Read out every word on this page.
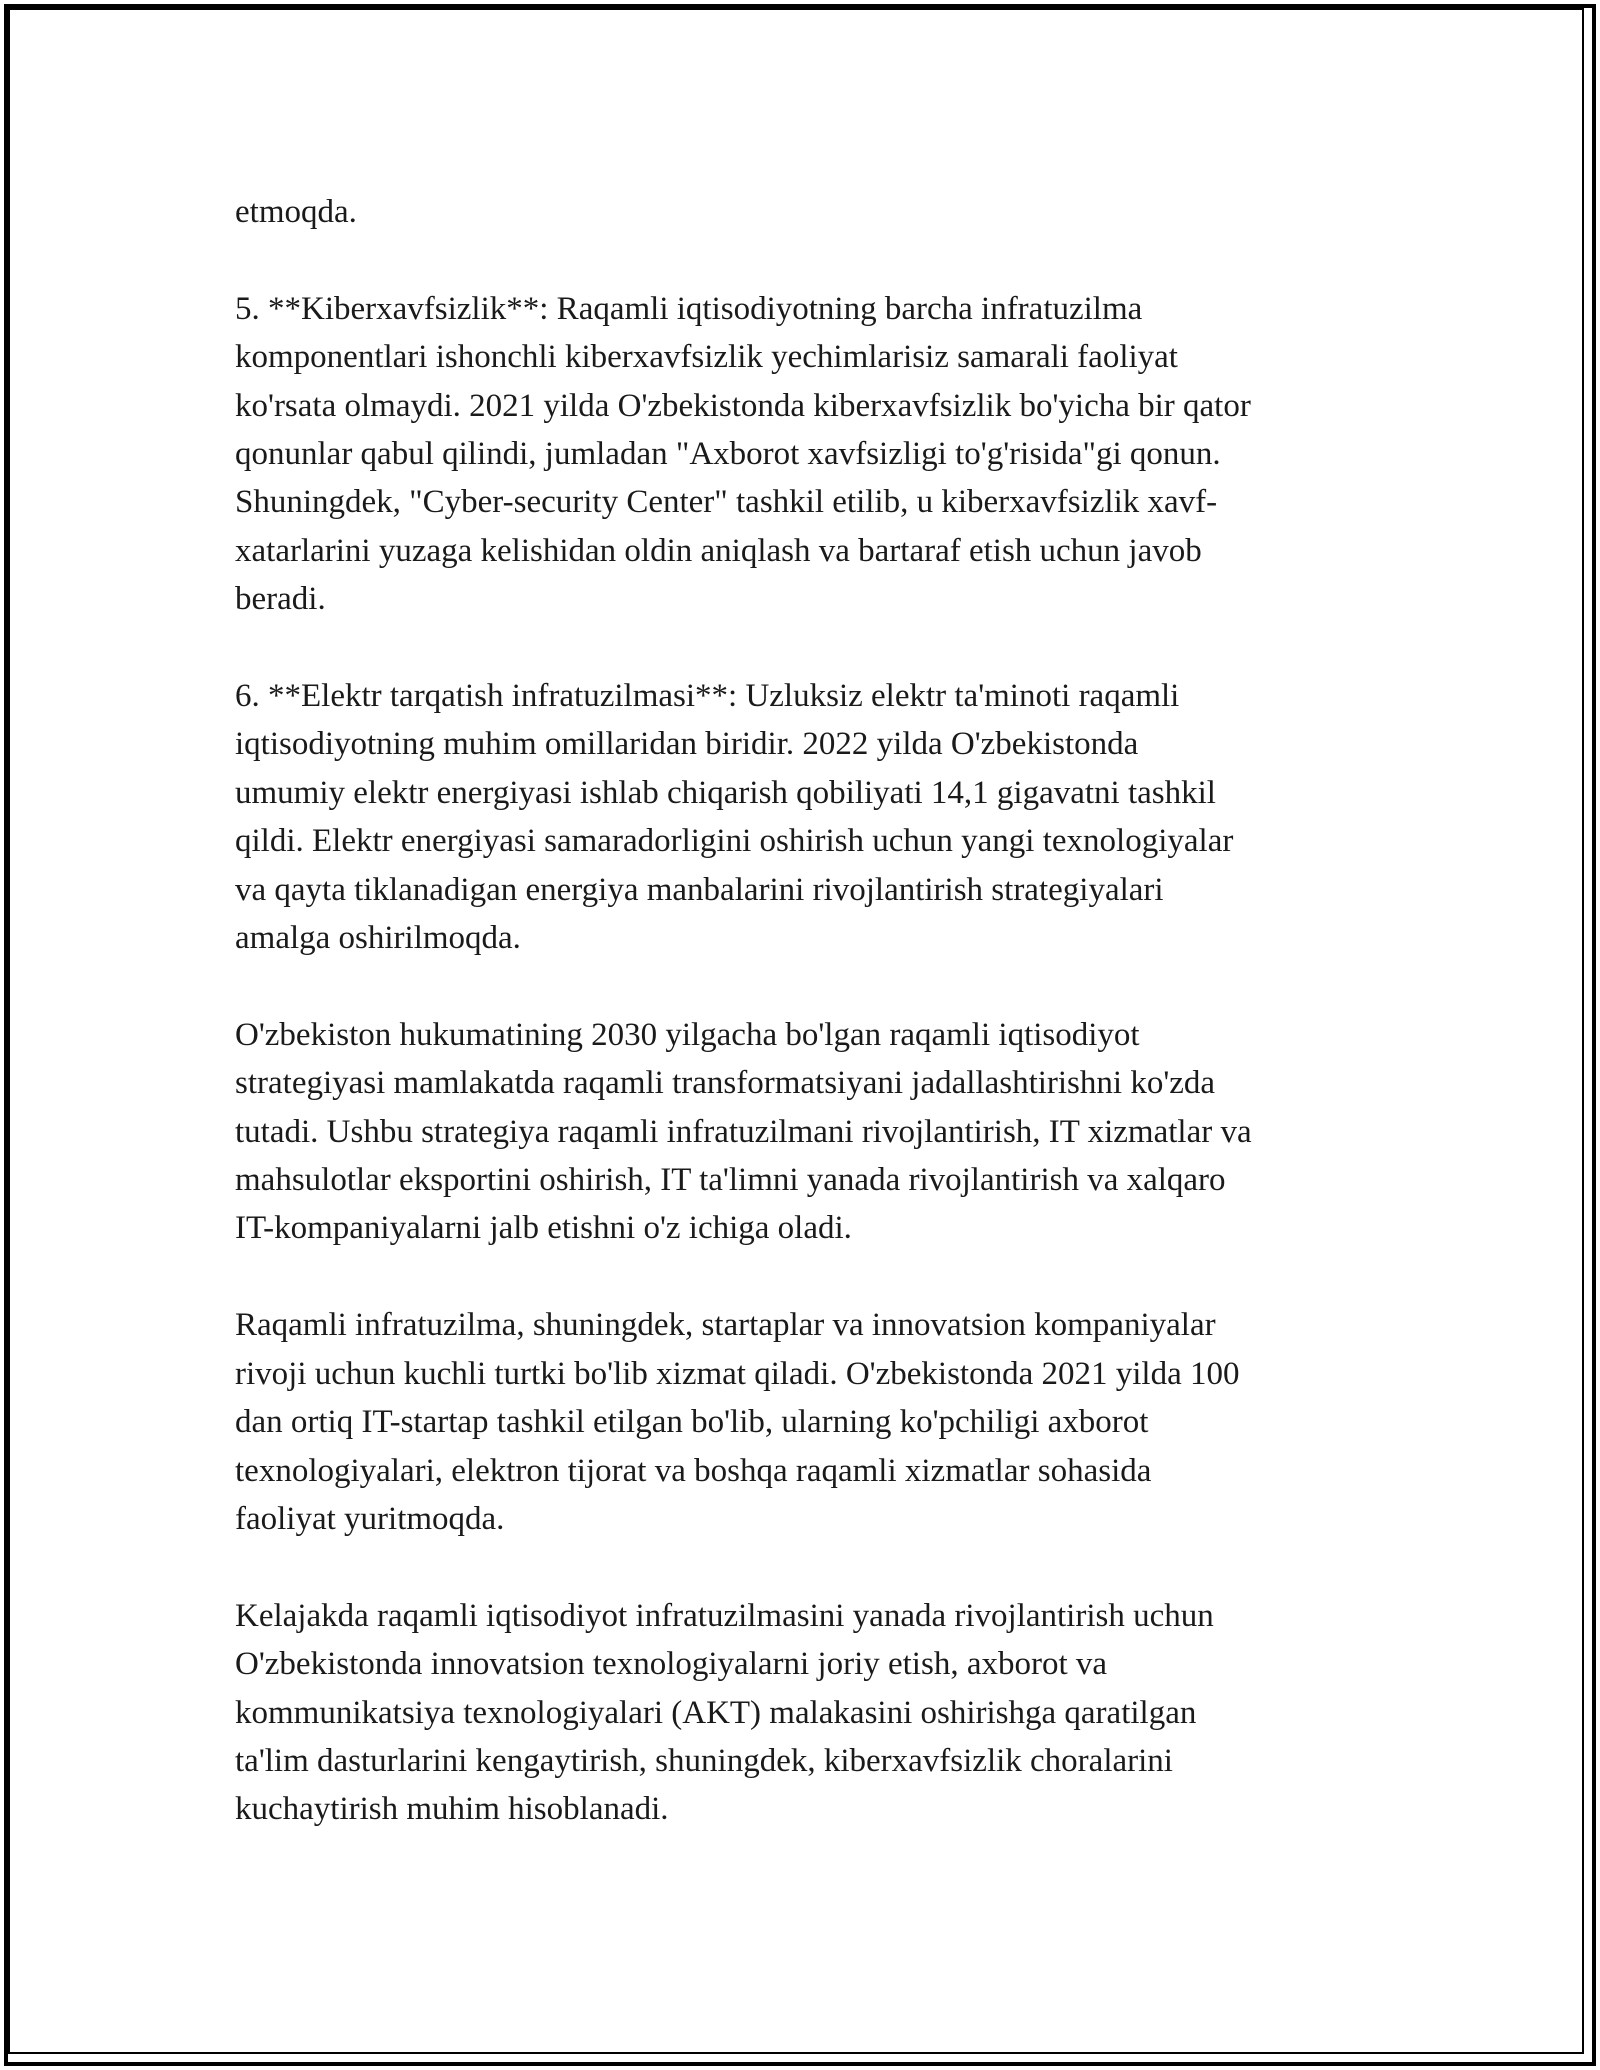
etmoqda.

5. **Kiberxavfsizlik**: Raqamli iqtisodiyotning barcha infratuzilma
komponentlari ishonchli kiberxavfsizlik yechimlarisiz samarali faoliyat
ko'rsata olmaydi. 2021 yilda O'zbekistonda kiberxavfsizlik bo'yicha bir qator
qonunlar qabul qilindi, jumladan "Axborot xavfsizligi to'g'risida"gi qonun.
Shuningdek, "Cyber-security Center" tashkil etilib, u kiberxavfsizlik xavf-
xatarlarini yuzaga kelishidan oldin aniqlash va bartaraf etish uchun javob
beradi.

6. **Elektr tarqatish infratuzilmasi**: Uzluksiz elektr ta'minoti raqamli
iqtisodiyotning muhim omillaridan biridir. 2022 yilda O'zbekistonda
umumiy elektr energiyasi ishlab chiqarish qobiliyati 14,1 gigavatni tashkil
qildi. Elektr energiyasi samaradorligini oshirish uchun yangi texnologiyalar
va qayta tiklanadigan energiya manbalarini rivojlantirish strategiyalari
amalga oshirilmoqda.

O'zbekiston hukumatining 2030 yilgacha bo'lgan raqamli iqtisodiyot
strategiyasi mamlakatda raqamli transformatsiyani jadallashtirishni ko'zda
tutadi. Ushbu strategiya raqamli infratuzilmani rivojlantirish, IT xizmatlar va
mahsulotlar eksportini oshirish, IT ta'limni yanada rivojlantirish va xalqaro
IT-kompaniyalarni jalb etishni o'z ichiga oladi.

Raqamli infratuzilma, shuningdek, startaplar va innovatsion kompaniyalar
rivoji uchun kuchli turtki bo'lib xizmat qiladi. O'zbekistonda 2021 yilda 100
dan ortiq IT-startap tashkil etilgan bo'lib, ularning ko'pchiligi axborot
texnologiyalari, elektron tijorat va boshqa raqamli xizmatlar sohasida
faoliyat yuritmoqda.

Kelajakda raqamli iqtisodiyot infratuzilmasini yanada rivojlantirish uchun
O'zbekistonda innovatsion texnologiyalarni joriy etish, axborot va
kommunikatsiya texnologiyalari (AKT) malakasini oshirishga qaratilgan
ta'lim dasturlarini kengaytirish, shuningdek, kiberxavfsizlik choralarini
kuchaytirish muhim hisoblanadi.
